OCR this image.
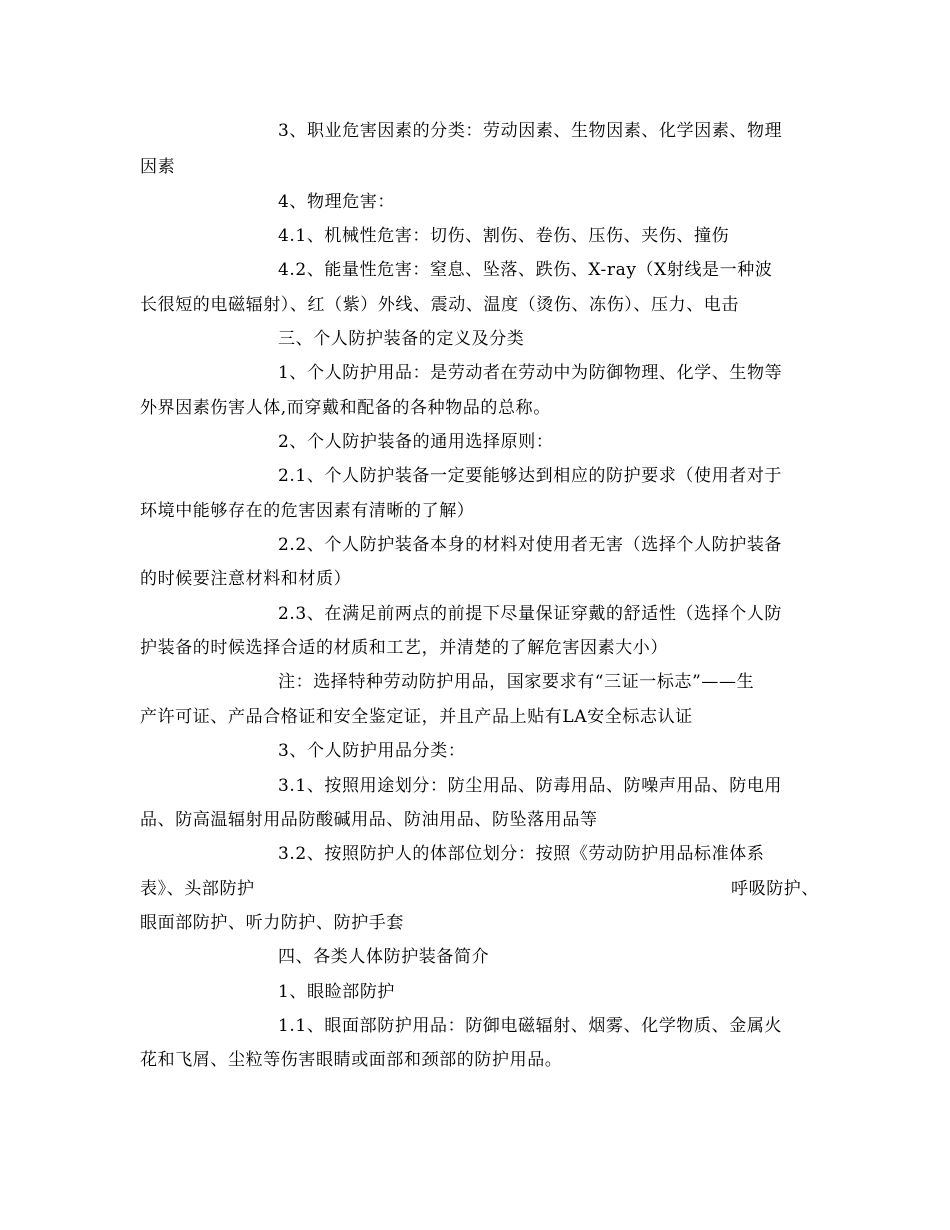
3、职业危害因素的分类：劳动因素、生物因素、化学因素、物理
因素
4、物理危害：
4.1、机械性危害：切伤、割伤、卷伤、压伤、夹伤、撞伤
4.2、能量性危害：窒息、坠落、跌伤、X-ray（X射线是一种波
长很短的电磁辐射）、红（紫）外线、震动、温度（烫伤、冻伤）、压力、电击
三、个人防护装备的定义及分类
1、个人防护用品：是劳动者在劳动中为防御物理、化学、生物等
外界因素伤害人体,而穿戴和配备的各种物品的总称。
2、个人防护装备的通用选择原则：
2.1、个人防护装备一定要能够达到相应的防护要求（使用者对于
环境中能够存在的危害因素有清晰的了解）
2.2、个人防护装备本身的材料对使用者无害（选择个人防护装备
的时候要注意材料和材质）
2.3、在满足前两点的前提下尽量保证穿戴的舒适性（选择个人防
护装备的时候选择合适的材质和工艺，并清楚的了解危害因素大小）
注：选择特种劳动防护用品，国家要求有“三证一标志”——生
产许可证、产品合格证和安全鉴定证，并且产品上贴有LA安全标志认证
3、个人防护用品分类：
3.1、按照用途划分：防尘用品、防毒用品、防噪声用品、防电用
品、防高温辐射用品防酸碱用品、防油用品、防坠落用品等
3.2、按照防护人的体部位划分：按照《劳动防护用品标准体系
表》、头部防护	呼吸防护、
眼面部防护、听力防护、防护手套
四、各类人体防护装备简介
1、眼睑部防护
1.1、眼面部防护用品：防御电磁辐射、烟雾、化学物质、金属火
花和飞屑、尘粒等伤害眼睛或面部和颈部的防护用品。
